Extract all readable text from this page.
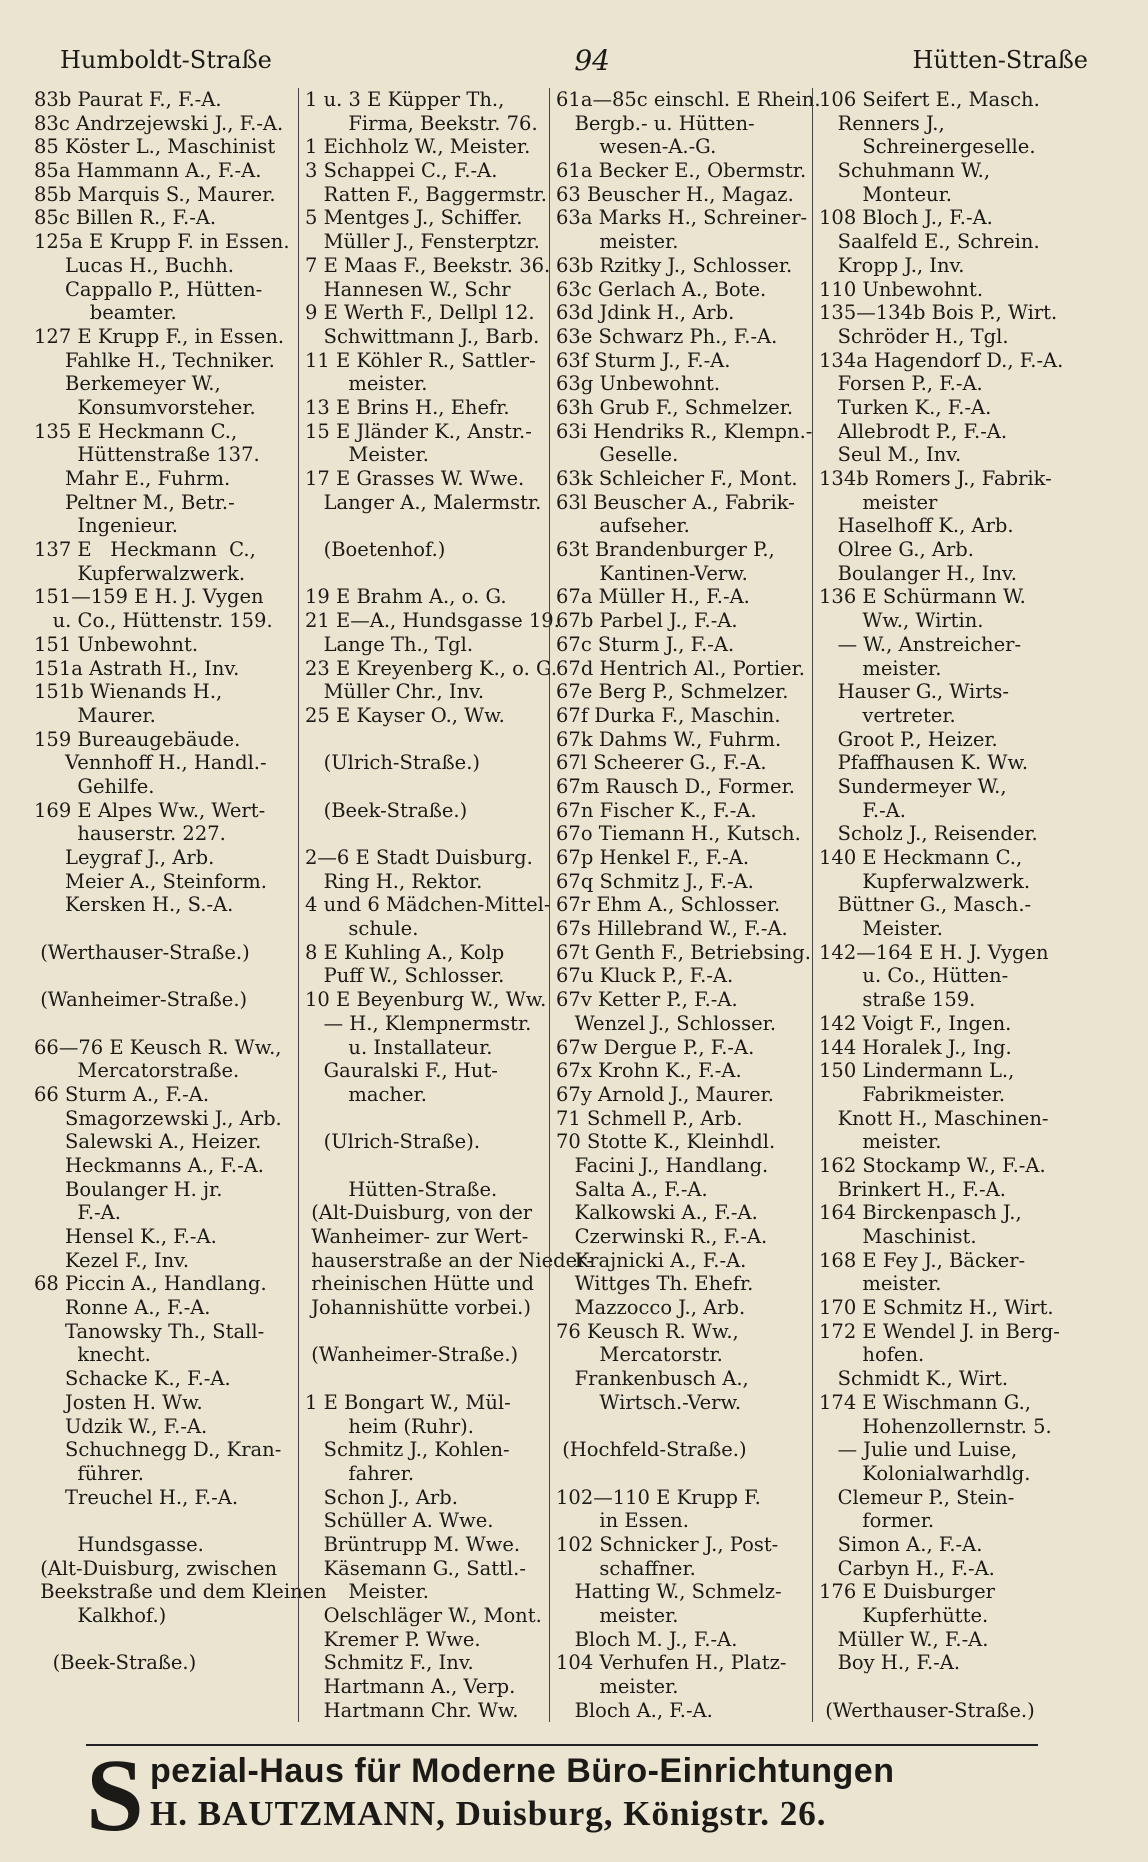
Humboldt-Straße	94	Hütten-Straße
83b Paurat F., F.-A.
83c Andrzejewski J., F.-A.
85 Köster L., Maschinist
85a Hammann A., F.-A.
85b Marquis S., Maurer.
85c Billen R., F.-A.
125a E Krupp F. in Essen.
Lucas H., Buchh.
Cappallo P., Hütten-
beamter.
127 E Krupp F., in Essen.
Fahlke H., Techniker.
Berkemeyer W.,
Konsumvorsteher.
135 E Heckmann C.,
Hüttenstraße 137.
Mahr E., Fuhrm.
Peltner M., Betr.-
Ingenieur.
137 E   Heckmann  C.,
Kupferwalzwerk.
151—159 E H. J. Vygen
u. Co., Hüttenstr. 159.
151 Unbewohnt.
151a Astrath H., Inv.
151b Wienands H.,
Maurer.
159 Bureaugebäude.
Vennhoff H., Handl.-
Gehilfe.
169 E Alpes Ww., Wert-
hauserstr. 227.
Leygraf J., Arb.
Meier A., Steinform.
Kersken H., S.-A.
(Werthauser-Straße.)
(Wanheimer-Straße.)
66—76 E Keusch R. Ww.,
Mercatorstraße.
66 Sturm A., F.-A.
Smagorzewski J., Arb.
Salewski A., Heizer.
Heckmanns A., F.-A.
Boulanger H. jr.
F.-A.
Hensel K., F.-A.
Kezel F., Inv.
68 Piccin A., Handlang.
Ronne A., F.-A.
Tanowsky Th., Stall-
knecht.
Schacke K., F.-A.
Josten H. Ww.
Udzik W., F.-A.
Schuchnegg D., Kran-
führer.
Treuchel H., F.-A.
Hundsgasse.
(Alt-Duisburg, zwischen
Beekstraße und dem Kleinen
Kalkhof.)
(Beek-Straße.)
1 u. 3 E Küpper Th.,
Firma, Beekstr. 76.
1 Eichholz W., Meister.
3 Schappei C., F.-A.
Ratten F., Baggermstr.
5 Mentges J., Schiffer.
Müller J., Fensterptzr.
7 E Maas F., Beekstr. 36.
Hannesen W., Schr
9 E Werth F., Dellpl 12.
Schwittmann J., Barb.
11 E Köhler R., Sattler-
meister.
13 E Brins H., Ehefr.
15 E Jländer K., Anstr.-
Meister.
17 E Grasses W. Wwe.
Langer A., Malermstr.
(Boetenhof.)
19 E Brahm A., o. G.
21 E—A., Hundsgasse 19.
Lange Th., Tgl.
23 E Kreyenberg K., o. G.
Müller Chr., Inv.
25 E Kayser O., Ww.
(Ulrich-Straße.)
(Beek-Straße.)
2—6 E Stadt Duisburg.
Ring H., Rektor.
4 und 6 Mädchen-Mittel-
schule.
8 E Kuhling A., Kolp
Puff W., Schlosser.
10 E Beyenburg W., Ww.
— H., Klempnermstr.
u. Installateur.
Gauralski F., Hut-
macher.
(Ulrich-Straße).
Hütten-Straße.
(Alt-Duisburg, von der
Wanheimer- zur Wert-
hauserstraße an der Nieder-
rheinischen Hütte und
Johannishütte vorbei.)
(Wanheimer-Straße.)
1 E Bongart W., Mül-
heim (Ruhr).
Schmitz J., Kohlen-
fahrer.
Schon J., Arb.
Schüller A. Wwe.
Brüntrupp M. Wwe.
Käsemann G., Sattl.-
Meister.
Oelschläger W., Mont.
Kremer P. Wwe.
Schmitz F., Inv.
Hartmann A., Verp.
Hartmann Chr. Ww.
61a—85c einschl. E Rhein.
Bergb.- u. Hütten-
wesen-A.-G.
61a Becker E., Obermstr.
63 Beuscher H., Magaz.
63a Marks H., Schreiner-
meister.
63b Rzitky J., Schlosser.
63c Gerlach A., Bote.
63d Jdink H., Arb.
63e Schwarz Ph., F.-A.
63f Sturm J., F.-A.
63g Unbewohnt.
63h Grub F., Schmelzer.
63i Hendriks R., Klempn.-
Geselle.
63k Schleicher F., Mont.
63l Beuscher A., Fabrik-
aufseher.
63t Brandenburger P.,
Kantinen-Verw.
67a Müller H., F.-A.
67b Parbel J., F.-A.
67c Sturm J., F.-A.
67d Hentrich Al., Portier.
67e Berg P., Schmelzer.
67f Durka F., Maschin.
67k Dahms W., Fuhrm.
67l Scheerer G., F.-A.
67m Rausch D., Former.
67n Fischer K., F.-A.
67o Tiemann H., Kutsch.
67p Henkel F., F.-A.
67q Schmitz J., F.-A.
67r Ehm A., Schlosser.
67s Hillebrand W., F.-A.
67t Genth F., Betriebsing.
67u Kluck P., F.-A.
67v Ketter P., F.-A.
Wenzel J., Schlosser.
67w Dergue P., F.-A.
67x Krohn K., F.-A.
67y Arnold J., Maurer.
71 Schmell P., Arb.
70 Stotte K., Kleinhdl.
Facini J., Handlang.
Salta A., F.-A.
Kalkowski A., F.-A.
Czerwinski R., F.-A.
Krajnicki A., F.-A.
Wittges Th. Ehefr.
Mazzocco J., Arb.
76 Keusch R. Ww.,
Mercatorstr.
Frankenbusch A.,
Wirtsch.-Verw.
(Hochfeld-Straße.)
102—110 E Krupp F.
in Essen.
102 Schnicker J., Post-
schaffner.
Hatting W., Schmelz-
meister.
Bloch M. J., F.-A.
104 Verhufen H., Platz-
meister.
Bloch A., F.-A.
106 Seifert E., Masch.
Renners J.,
Schreinergeselle.
Schuhmann W.,
Monteur.
108 Bloch J., F.-A.
Saalfeld E., Schrein.
Kropp J., Inv.
110 Unbewohnt.
135—134b Bois P., Wirt.
Schröder H., Tgl.
134a Hagendorf D., F.-A.
Forsen P., F.-A.
Turken K., F.-A.
Allebrodt P., F.-A.
Seul M., Inv.
134b Romers J., Fabrik-
meister
Haselhoff K., Arb.
Olree G., Arb.
Boulanger H., Inv.
136 E Schürmann W.
Ww., Wirtin.
— W., Anstreicher-
meister.
Hauser G., Wirts-
vertreter.
Groot P., Heizer.
Pfaffhausen K. Ww.
Sundermeyer W.,
F.-A.
Scholz J., Reisender.
140 E Heckmann C.,
Kupferwalzwerk.
Büttner G., Masch.-
Meister.
142—164 E H. J. Vygen
u. Co., Hütten-
straße 159.
142 Voigt F., Ingen.
144 Horalek J., Ing.
150 Lindermann L.,
Fabrikmeister.
Knott H., Maschinen-
meister.
162 Stockamp W., F.-A.
Brinkert H., F.-A.
164 Birckenpasch J.,
Maschinist.
168 E Fey J., Bäcker-
meister.
170 E Schmitz H., Wirt.
172 E Wendel J. in Berg-
hofen.
Schmidt K., Wirt.
174 E Wischmann G.,
Hohenzollernstr. 5.
— Julie und Luise,
Kolonialwarhdlg.
Clemeur P., Stein-
former.
Simon A., F.-A.
Carbyn H., F.-A.
176 E Duisburger
Kupferhütte.
Müller W., F.-A.
Boy H., F.-A.
(Werthauser-Straße.)
S pezial-Haus für Moderne Büro-Einrichtungen
H. BAUTZMANN, Duisburg, Königstr. 26.
